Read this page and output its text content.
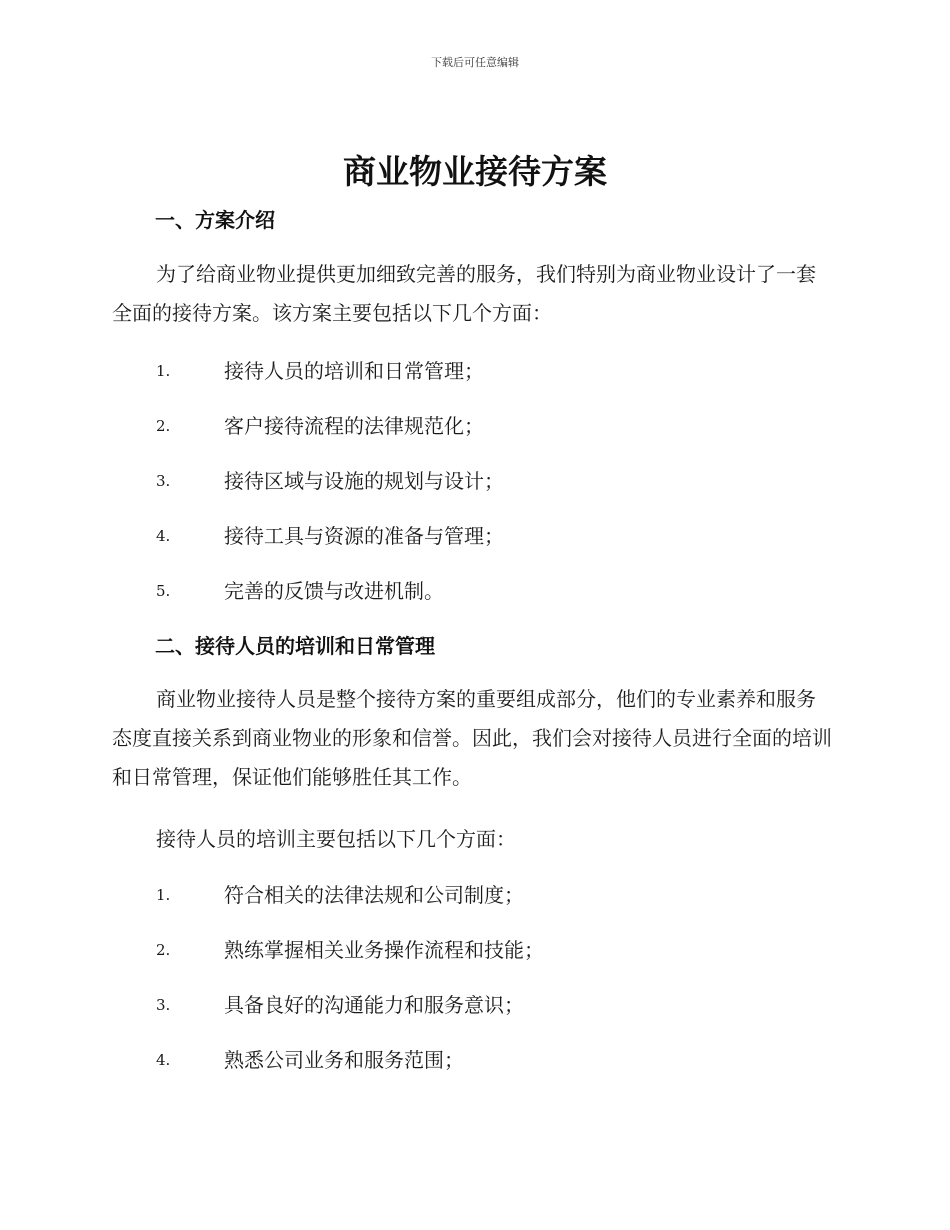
下载后可任意编辑
商业物业接待方案
一、方案介绍
为了给商业物业提供更加细致完善的服务，我们特别为商业物业设计了一套全面的接待方案。该方案主要包括以下几个方面：
1.	接待人员的培训和日常管理；
2.	客户接待流程的法律规范化；
3.	接待区域与设施的规划与设计；
4.	接待工具与资源的准备与管理；
5.	完善的反馈与改进机制。
二、接待人员的培训和日常管理
商业物业接待人员是整个接待方案的重要组成部分，他们的专业素养和服务态度直接关系到商业物业的形象和信誉。因此，我们会对接待人员进行全面的培训和日常管理，保证他们能够胜任其工作。
接待人员的培训主要包括以下几个方面：
1.	符合相关的法律法规和公司制度；
2.	熟练掌握相关业务操作流程和技能；
3.	具备良好的沟通能力和服务意识；
4.	熟悉公司业务和服务范围；
